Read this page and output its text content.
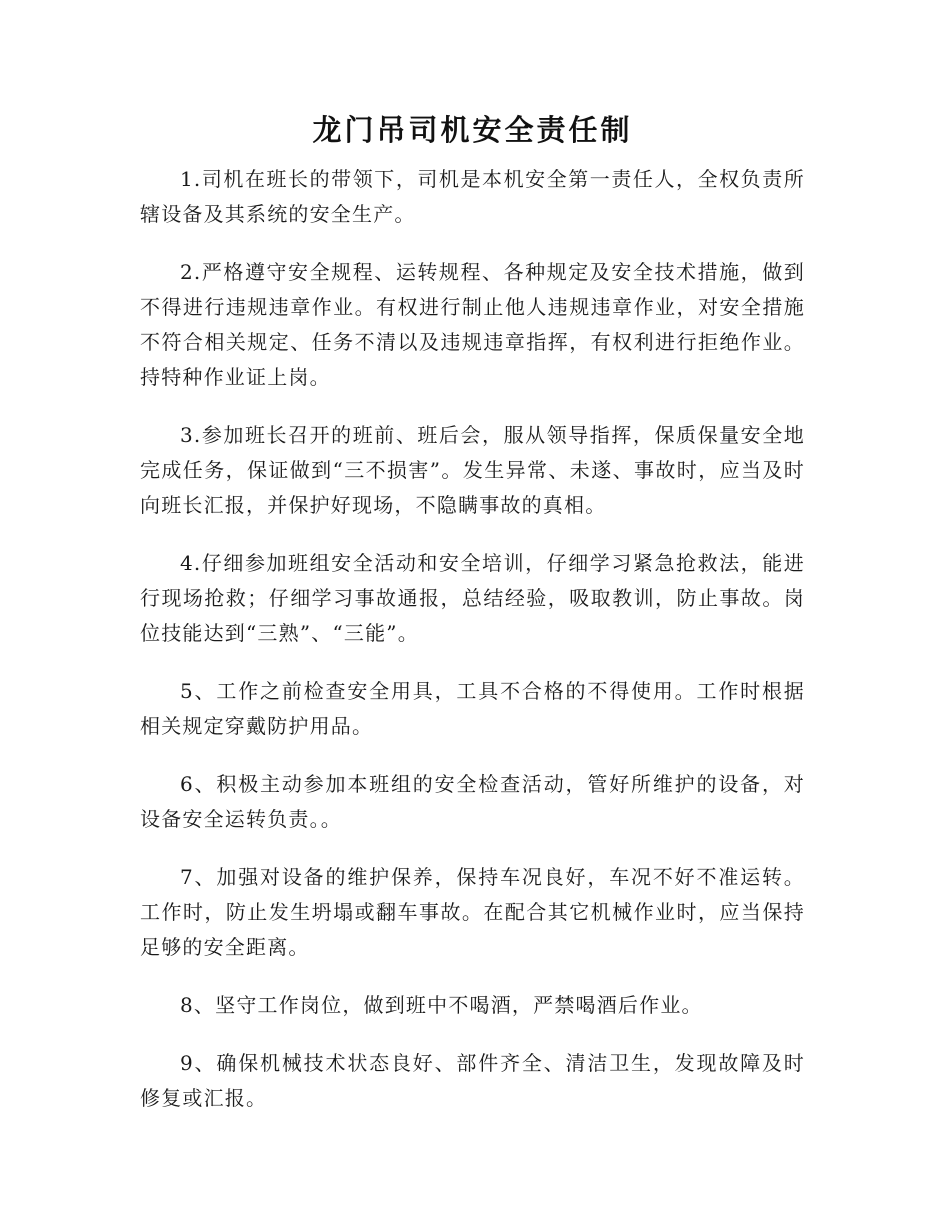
龙门吊司机安全责任制

1.司机在班长的带领下，司机是本机安全第一责任人，全权负责所辖设备及其系统的安全生产。

2.严格遵守安全规程、运转规程、各种规定及安全技术措施，做到不得进行违规违章作业。有权进行制止他人违规违章作业，对安全措施不符合相关规定、任务不清以及违规违章指挥，有权利进行拒绝作业。持特种作业证上岗。

3.参加班长召开的班前、班后会，服从领导指挥，保质保量安全地完成任务，保证做到“三不损害”。发生异常、未遂、事故时，应当及时向班长汇报，并保护好现场，不隐瞒事故的真相。

4.仔细参加班组安全活动和安全培训，仔细学习紧急抢救法，能进行现场抢救；仔细学习事故通报，总结经验，吸取教训，防止事故。岗位技能达到“三熟”、“三能”。

5、工作之前检查安全用具，工具不合格的不得使用。工作时根据相关规定穿戴防护用品。

6、积极主动参加本班组的安全检查活动，管好所维护的设备，对设备安全运转负责。。

7、加强对设备的维护保养，保持车况良好，车况不好不准运转。工作时，防止发生坍塌或翻车事故。在配合其它机械作业时，应当保持足够的安全距离。

8、坚守工作岗位，做到班中不喝酒，严禁喝酒后作业。

9、确保机械技术状态良好、部件齐全、清洁卫生，发现故障及时修复或汇报。
